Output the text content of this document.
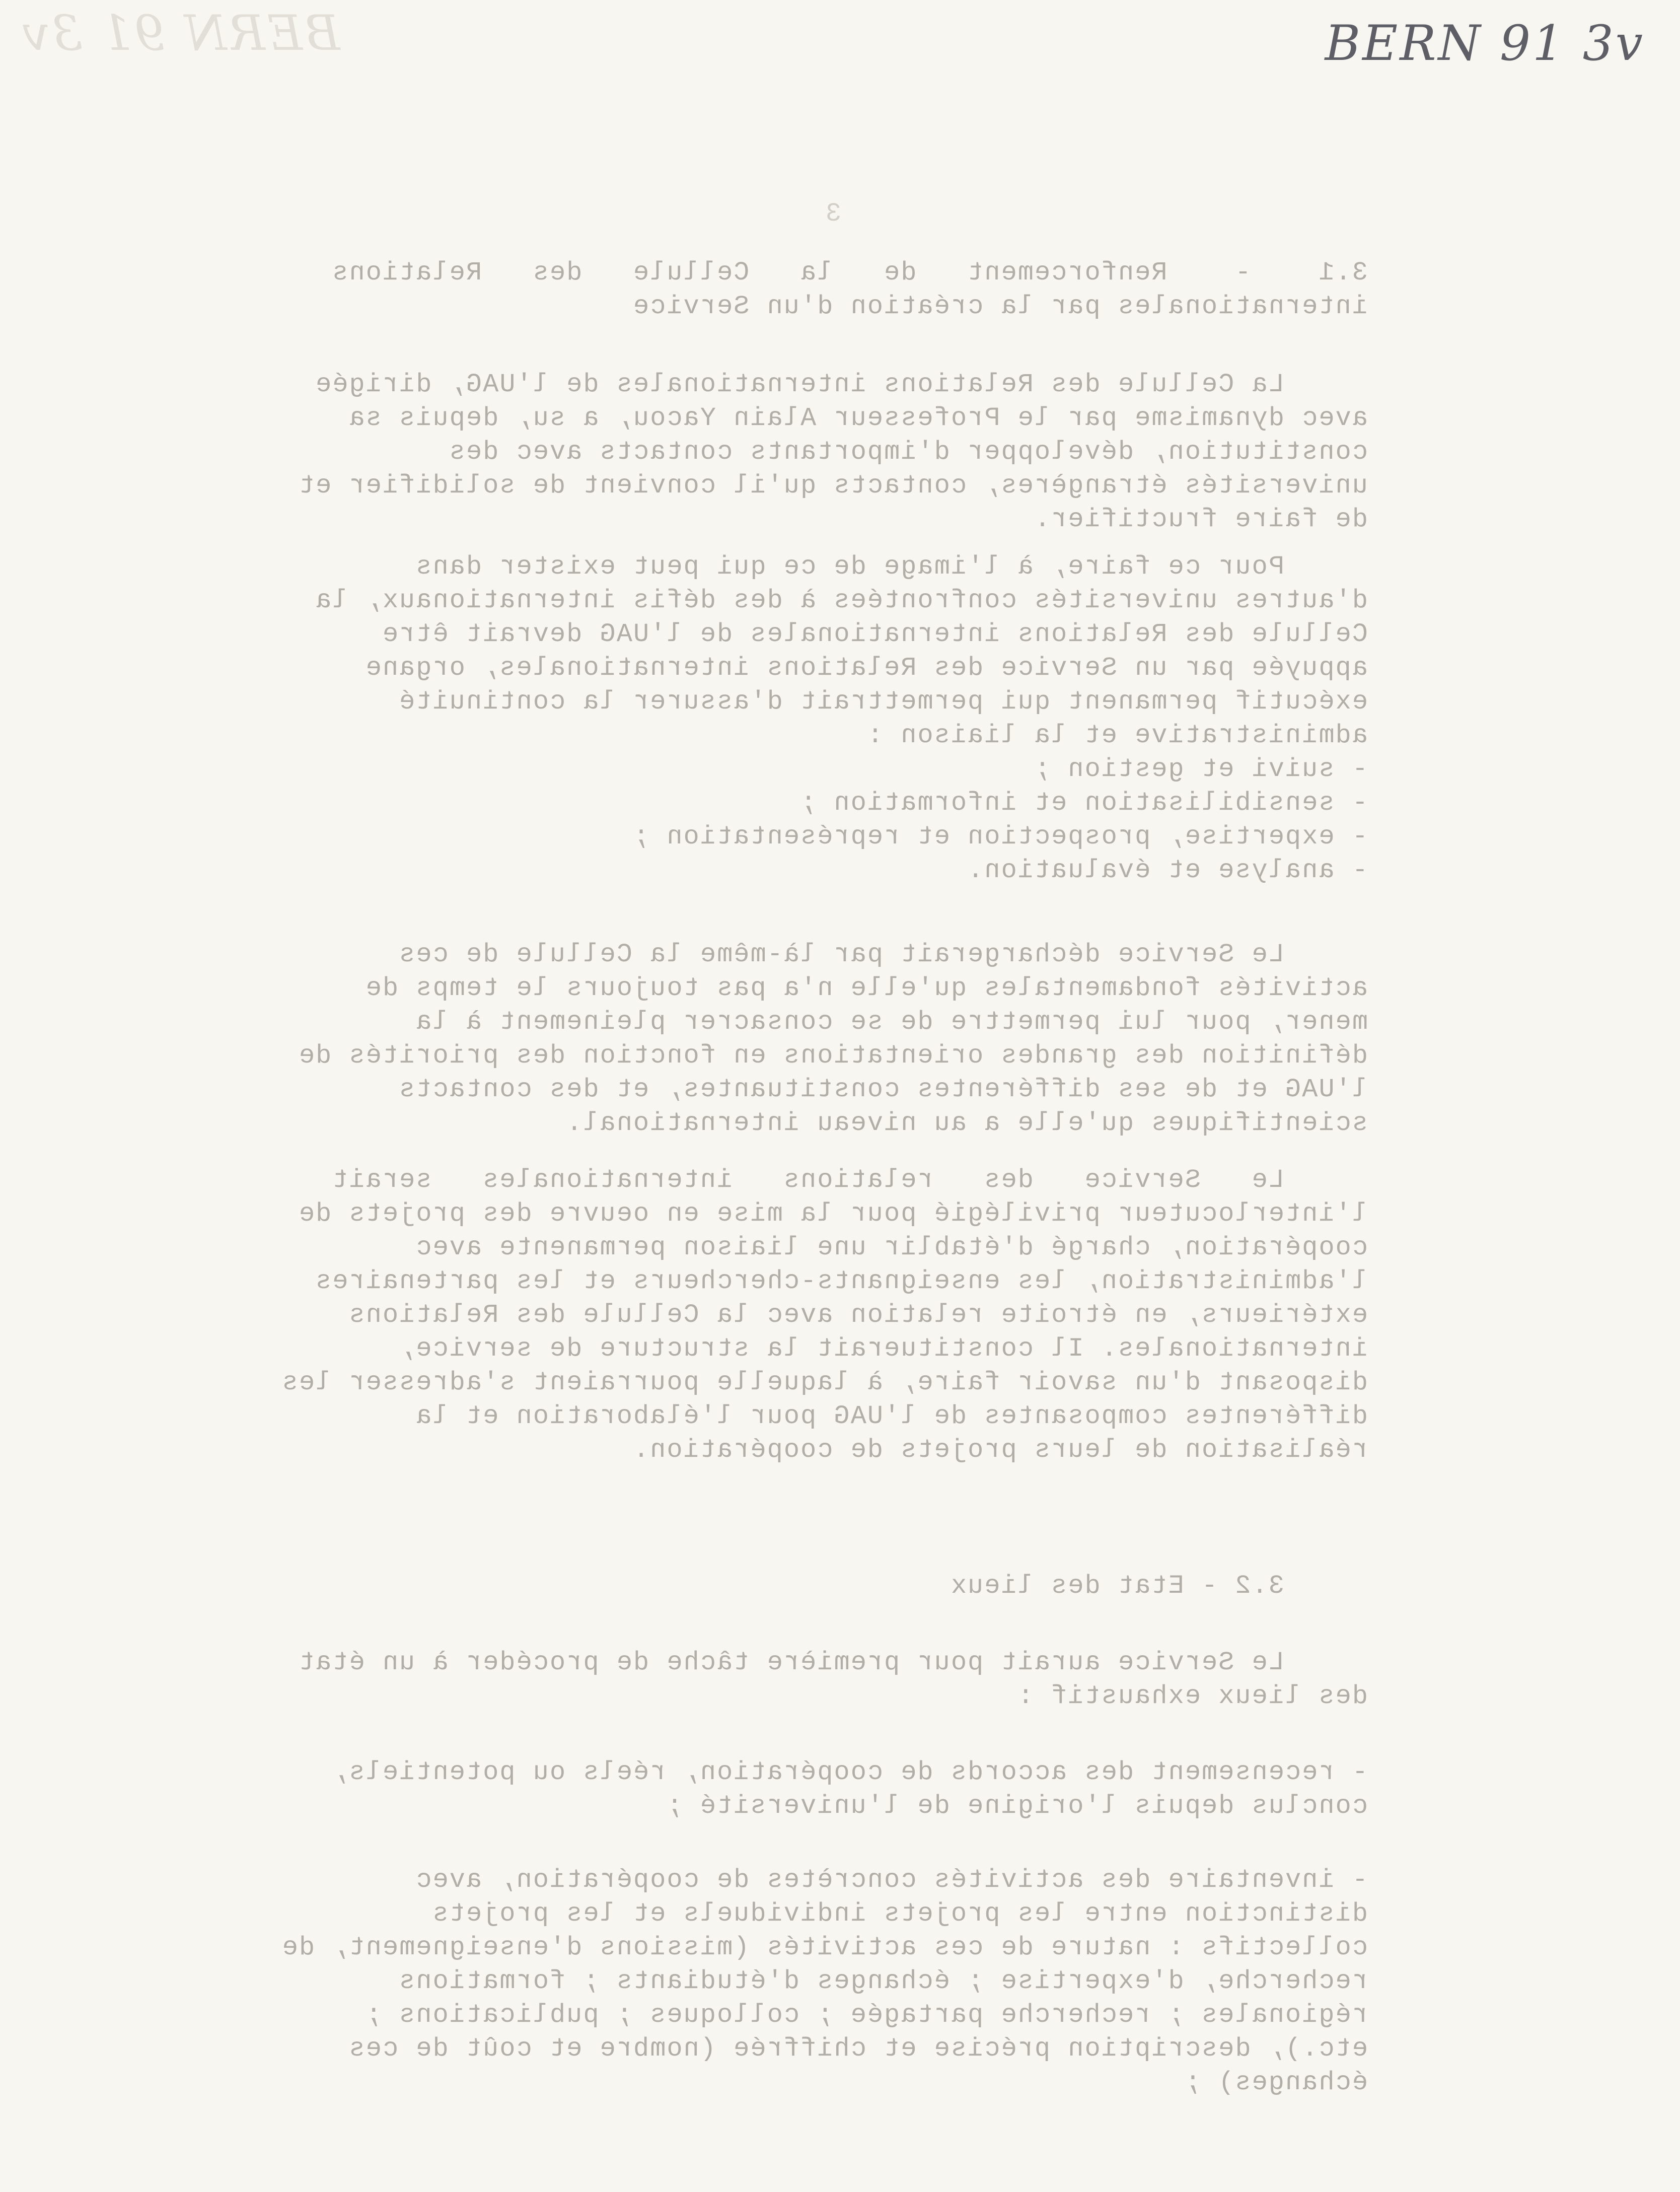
BERN 91 3v	BERN 91 3v
3
3.1    -    Renforcement   de   la   Cellule   des   Relations
internationales par la création d'un Service
La Cellule des Relations internationales de l'UAG, dirigée
avec dynamisme par le Professeur Alain Yacou, a su, depuis sa
constitution, développer d'importants contacts avec des
universités étrangères, contacts qu'il convient de solidifier et
de faire fructifier.
Pour ce faire, à l'image de ce qui peut exister dans
d'autres universités confrontées à des défis internationaux, la
Cellule des Relations internationales de l'UAG devrait être
appuyée par un Service des Relations internationales, organe
exécutif permanent qui permettrait d'assurer la continuité
administrative et la liaison :
- suivi et gestion ;
- sensibilisation et information ;
- expertise, prospection et représentation ;
- analyse et évaluation.
Le Service déchargerait par là-même la Cellule de ces
activités fondamentales qu'elle n'a pas toujours le temps de
mener, pour lui permettre de se consacrer pleinement à la
définition des grandes orientations en fonction des priorités de
l'UAG et de ses différentes constituantes, et des contacts
scientifiques qu'elle a au niveau international.
Le   Service   des   relations   internationales   serait
l'interlocuteur privilégié pour la mise en oeuvre des projets de
coopération, chargé d'établir une liaison permanente avec
l'administration, les enseignants-chercheurs et les partenaires
extérieurs, en étroite relation avec la Cellule des Relations
internationales. Il constituerait la structure de service,
disposant d'un savoir faire, à laquelle pourraient s'adresser les
différentes composantes de l'UAG pour l'élaboration et la
réalisation de leurs projets de coopération.
3.2 - Etat des lieux
Le Service aurait pour première tâche de procéder à un état
des lieux exhaustif :
- recensement des accords de coopération, réels ou potentiels,
conclus depuis l'origine de l'université ;
- inventaire des activités concrètes de coopération, avec
distinction entre les projets individuels et les projets
collectifs : nature de ces activités (missions d'enseignement, de
recherche, d'expertise ; échanges d'étudiants ; formations
régionales ; recherche partagée ; colloques ; publications ;
etc.), description précise et chiffrée (nombre et coût de ces
échanges) ;
